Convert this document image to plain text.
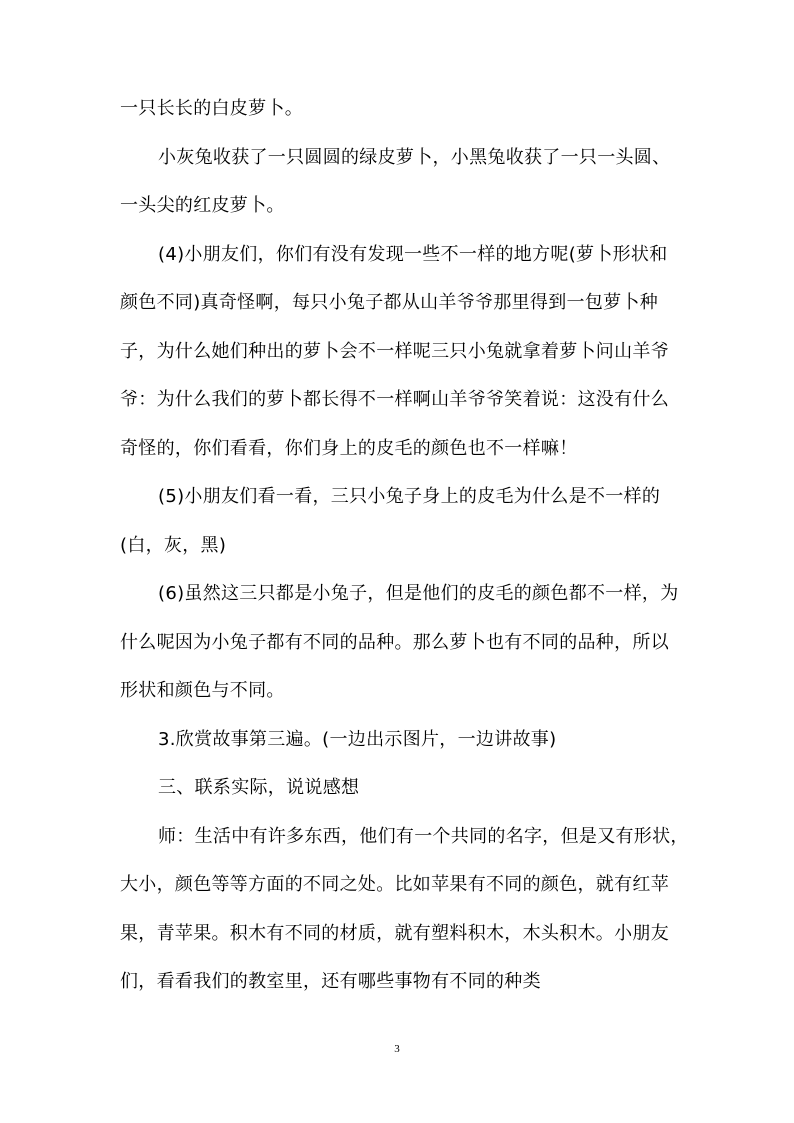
一只长长的白皮萝卜。
小灰兔收获了一只圆圆的绿皮萝卜，小黑兔收获了一只一头圆、
一头尖的红皮萝卜。
(4)小朋友们，你们有没有发现一些不一样的地方呢(萝卜形状和
颜色不同)真奇怪啊，每只小兔子都从山羊爷爷那里得到一包萝卜种
子，为什么她们种出的萝卜会不一样呢三只小兔就拿着萝卜问山羊爷
爷：为什么我们的萝卜都长得不一样啊山羊爷爷笑着说：这没有什么
奇怪的，你们看看，你们身上的皮毛的颜色也不一样嘛！
(5)小朋友们看一看，三只小兔子身上的皮毛为什么是不一样的
(白，灰，黑)
(6)虽然这三只都是小兔子，但是他们的皮毛的颜色都不一样，为
什么呢因为小兔子都有不同的品种。那么萝卜也有不同的品种，所以
形状和颜色与不同。
3.欣赏故事第三遍。(一边出示图片，一边讲故事)
三、联系实际，说说感想
师：生活中有许多东西，他们有一个共同的名字，但是又有形状，
大小，颜色等等方面的不同之处。比如苹果有不同的颜色，就有红苹
果，青苹果。积木有不同的材质，就有塑料积木，木头积木。小朋友
们，看看我们的教室里，还有哪些事物有不同的种类
3
